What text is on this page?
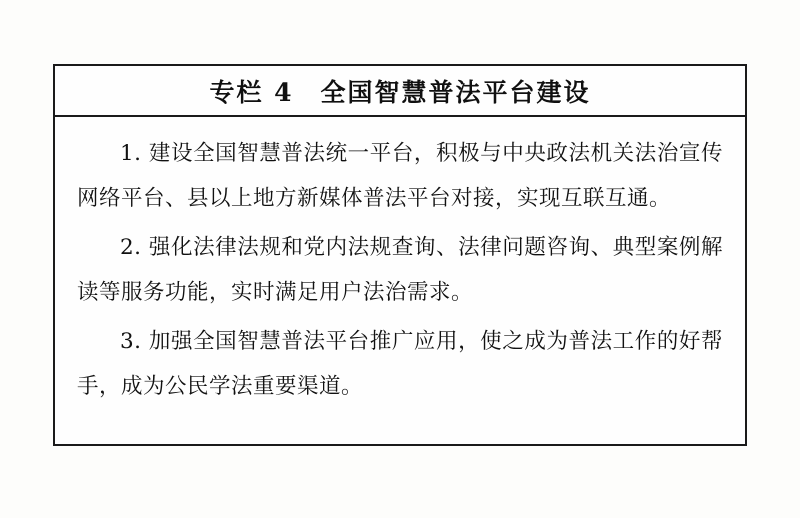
专栏 4　全国智慧普法平台建设

1. 建设全国智慧普法统一平台，积极与中央政法机关法治宣传网络平台、县以上地方新媒体普法平台对接，实现互联互通。

2. 强化法律法规和党内法规查询、法律问题咨询、典型案例解读等服务功能，实时满足用户法治需求。

3. 加强全国智慧普法平台推广应用，使之成为普法工作的好帮手，成为公民学法重要渠道。
